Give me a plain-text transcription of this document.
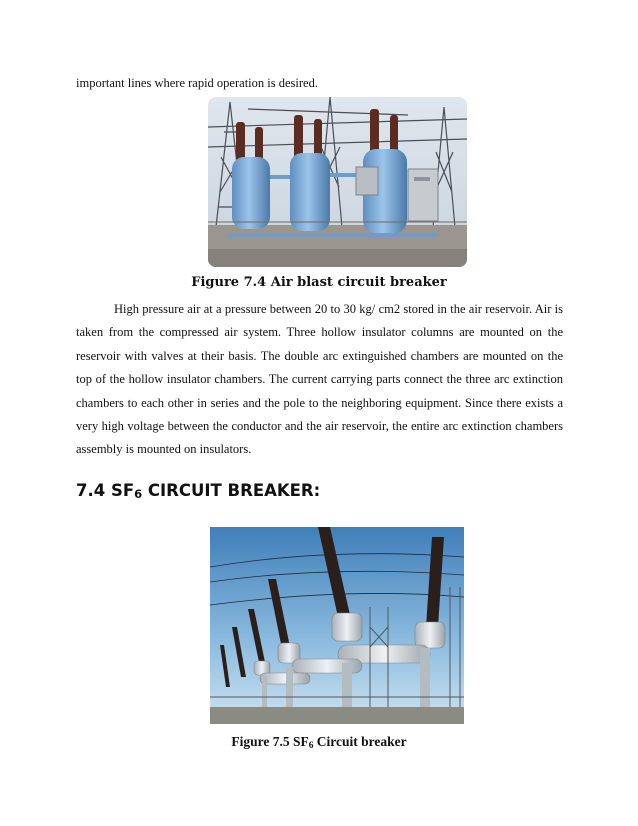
important lines where rapid operation is desired.
Figure 7.4 Air blast circuit breaker

High pressure air at a pressure between 20 to 30 kg/ cm2 stored in the air reservoir. Air is taken from the compressed air system. Three hollow insulator columns are mounted on the reservoir with valves at their basis. The double arc extinguished chambers are mounted on the top of the hollow insulator chambers. The current carrying parts connect the three arc extinction chambers to each other in series and the pole to the neighboring equipment. Since there exists a very high voltage between the conductor and the air reservoir, the entire arc extinction chambers assembly is mounted on insulators.

7.4 $SF_6$ CIRCUIT BREAKER:
Figure 7.5 $SF_6$ Circuit breaker
